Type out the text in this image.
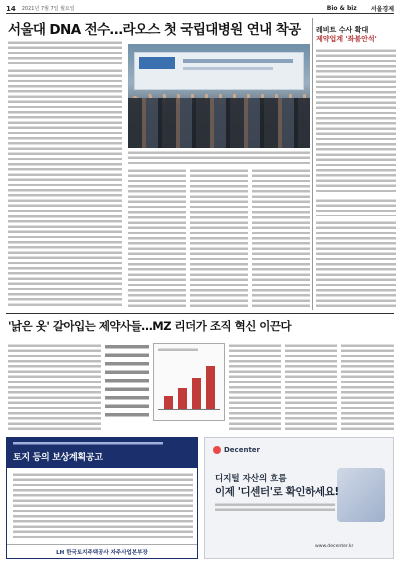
14 2021년 7월 7일 월요일	Bio & biz 서울경제
서울대 DNA 전수…라오스 첫 국립대병원 연내 착공	레비트 수사 확대
제약업계 '좌불안석'
'낡은 옷' 갈아입는 제약사들…MZ 리더가 조직 혁신 이끈다
토지 등의 보상계획공고
LH 한국토지주택공사 자주사업본부장
Decenter
디지털 자산의 흐름
이제 '디센터'로 확인하세요!
www.decenter.kr
